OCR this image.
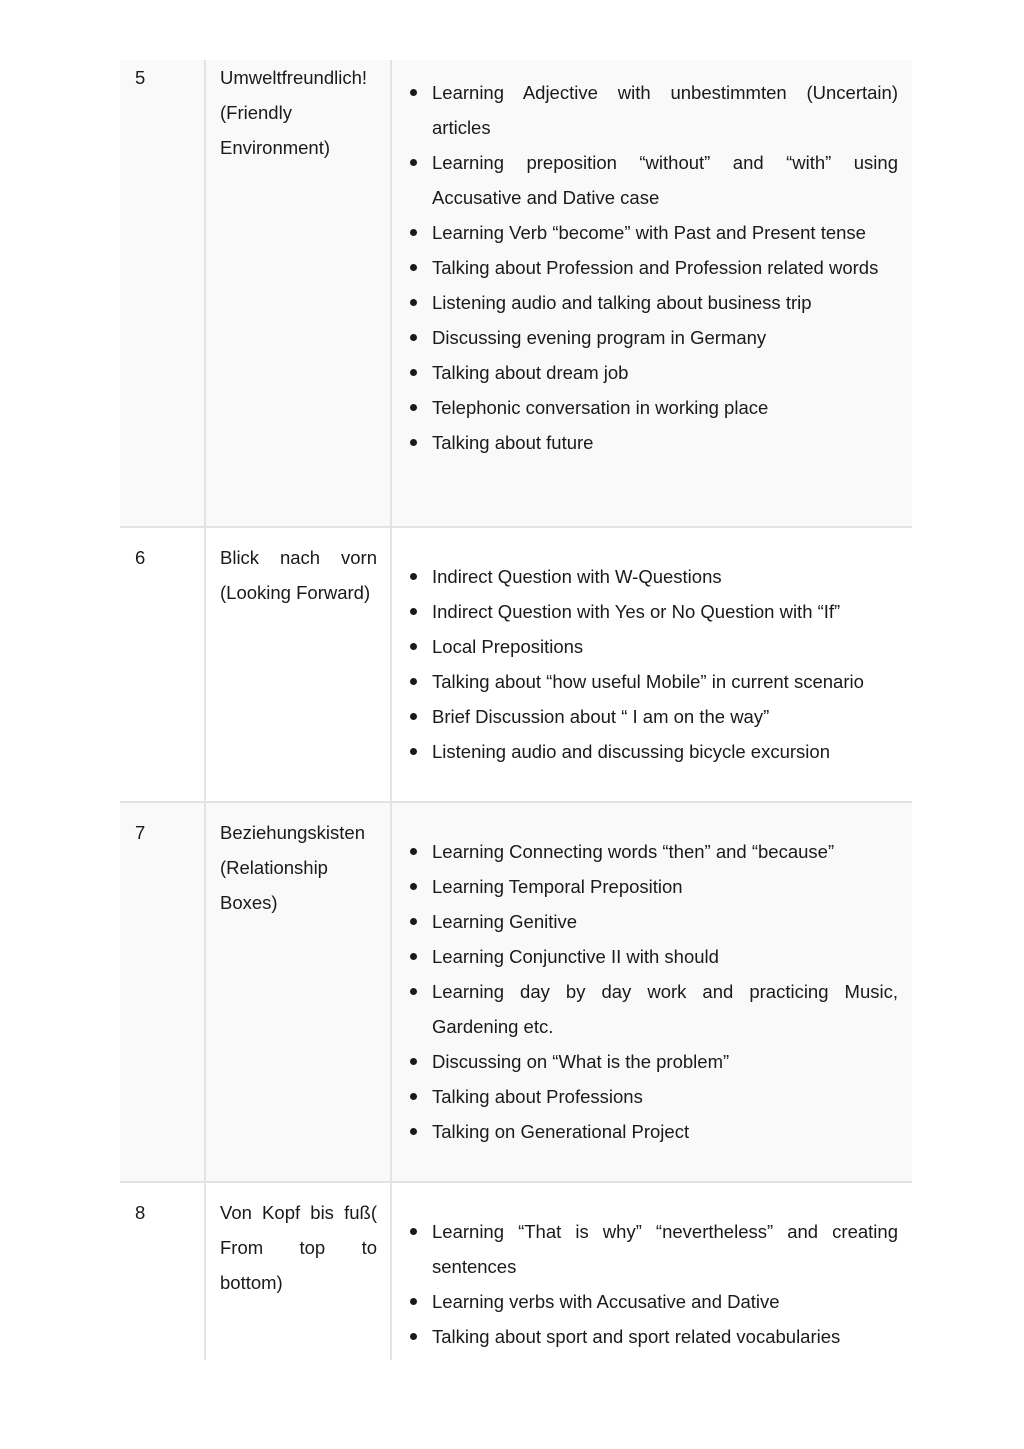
5	Umweltfreundlich! (Friendly Environment)
Learning Adjective with unbestimmten (Uncertain) articles
Learning preposition “without” and “with” using Accusative and Dative case
Learning Verb “become” with Past and Present tense
Talking about Profession and Profession related words
Listening audio and talking about business trip
Discussing evening program in Germany
Talking about dream job
Telephonic conversation in working place
Talking about future
6	Blick nach vorn (Looking Forward)
Indirect Question with W-Questions
Indirect Question with Yes or No Question with “If”
Local Prepositions
Talking about “how useful Mobile” in current scenario
Brief Discussion about “ I am on the way”
Listening audio and discussing bicycle excursion
7	Beziehungskisten (Relationship Boxes)
Learning Connecting words “then” and “because”
Learning Temporal Preposition
Learning Genitive
Learning Conjunctive II with should
Learning day by day work and practicing Music, Gardening etc.
Discussing on “What is the problem”
Talking about Professions
Talking on Generational Project
8	Von Kopf bis fuß( From top to bottom)
Learning “That is why” “nevertheless” and creating sentences
Learning verbs with Accusative and Dative
Talking about sport and sport related vocabularies
